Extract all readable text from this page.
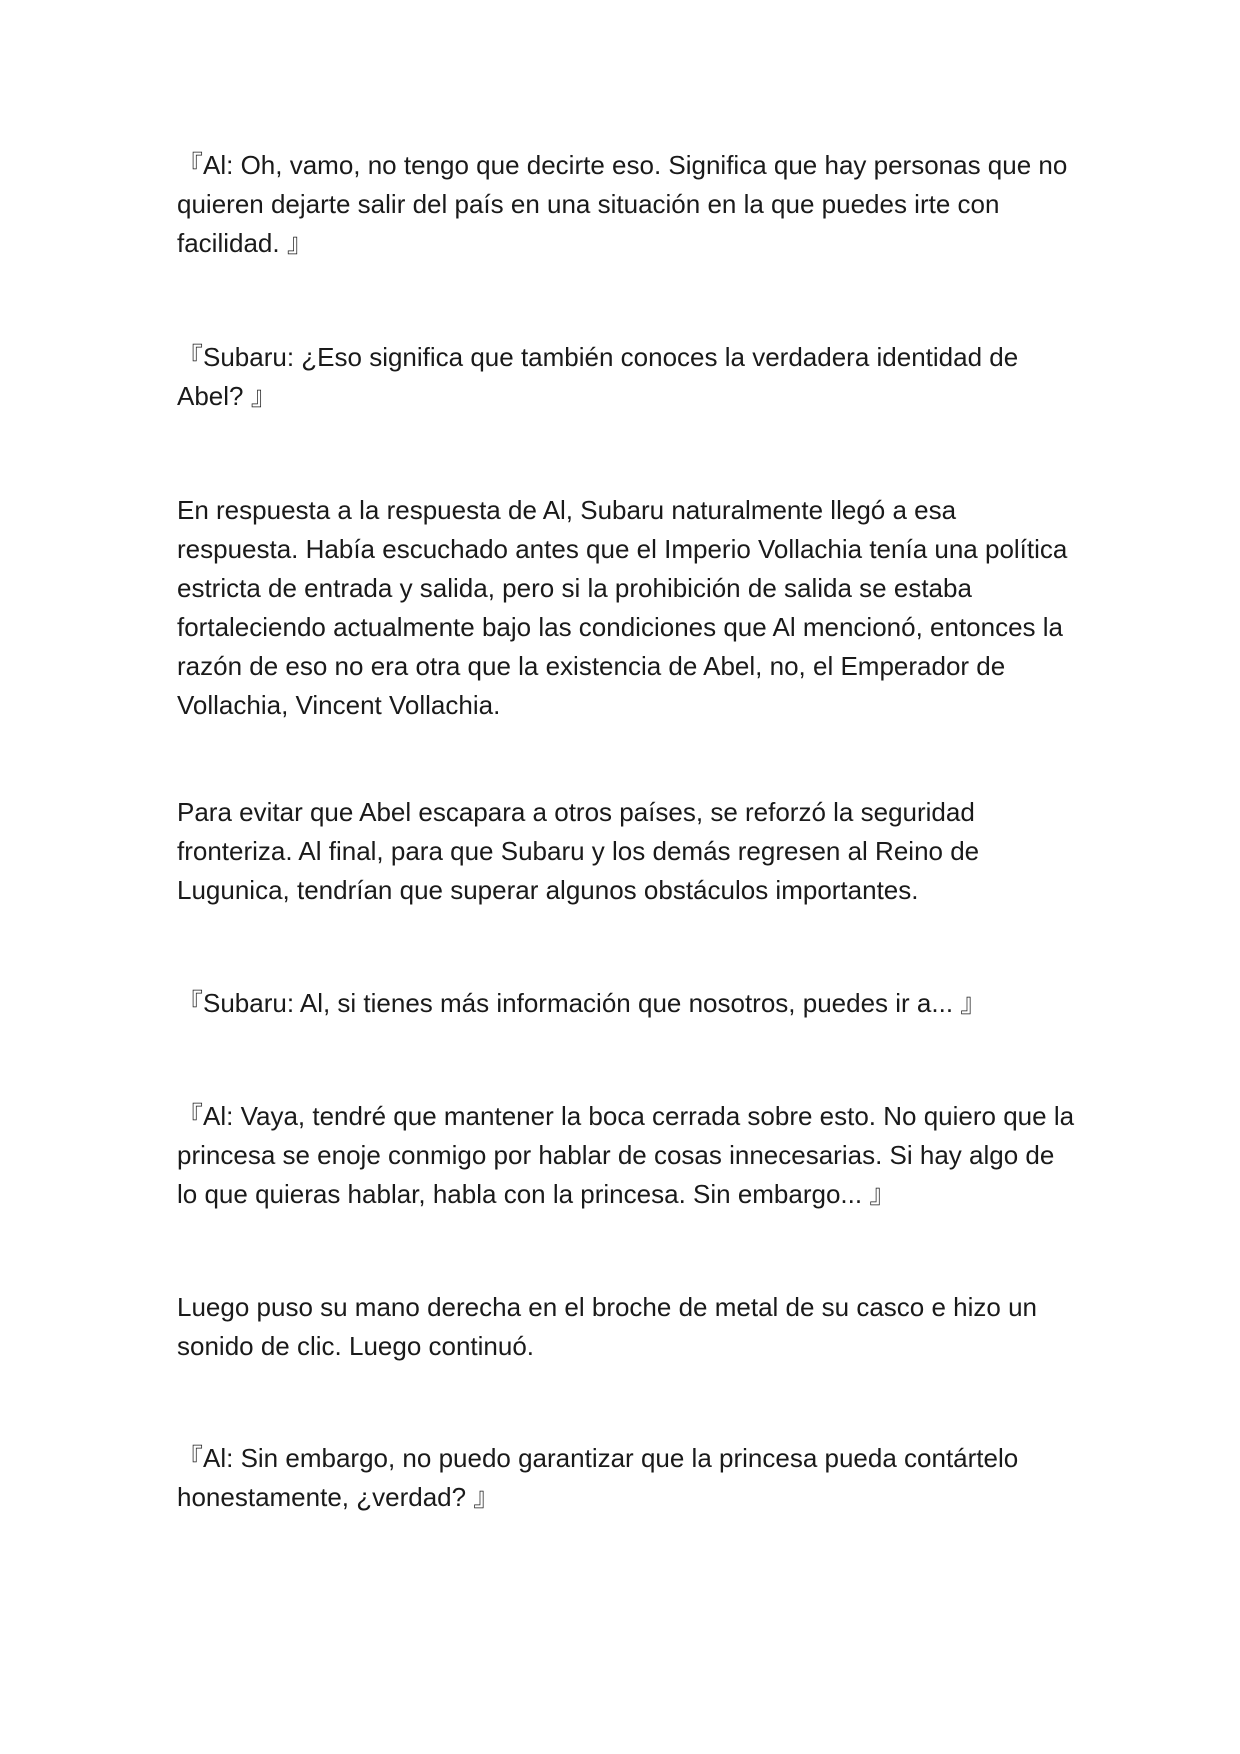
『Al: Oh, vamo, no tengo que decirte eso. Significa que hay personas que no quieren dejarte salir del país en una situación en la que puedes irte con facilidad. 』

『Subaru: ¿Eso significa que también conoces la verdadera identidad de Abel? 』

En respuesta a la respuesta de Al, Subaru naturalmente llegó a esa respuesta. Había escuchado antes que el Imperio Vollachia tenía una política estricta de entrada y salida, pero si la prohibición de salida se estaba fortaleciendo actualmente bajo las condiciones que Al mencionó, entonces la razón de eso no era otra que la existencia de Abel, no, el Emperador de Vollachia, Vincent Vollachia.

Para evitar que Abel escapara a otros países, se reforzó la seguridad fronteriza. Al final, para que Subaru y los demás regresen al Reino de Lugunica, tendrían que superar algunos obstáculos importantes.

『Subaru: Al, si tienes más información que nosotros, puedes ir a... 』

『Al: Vaya, tendré que mantener la boca cerrada sobre esto. No quiero que la princesa se enoje conmigo por hablar de cosas innecesarias. Si hay algo de lo que quieras hablar, habla con la princesa. Sin embargo... 』

Luego puso su mano derecha en el broche de metal de su casco e hizo un sonido de clic. Luego continuó.

『Al: Sin embargo, no puedo garantizar que la princesa pueda contártelo honestamente, ¿verdad? 』
